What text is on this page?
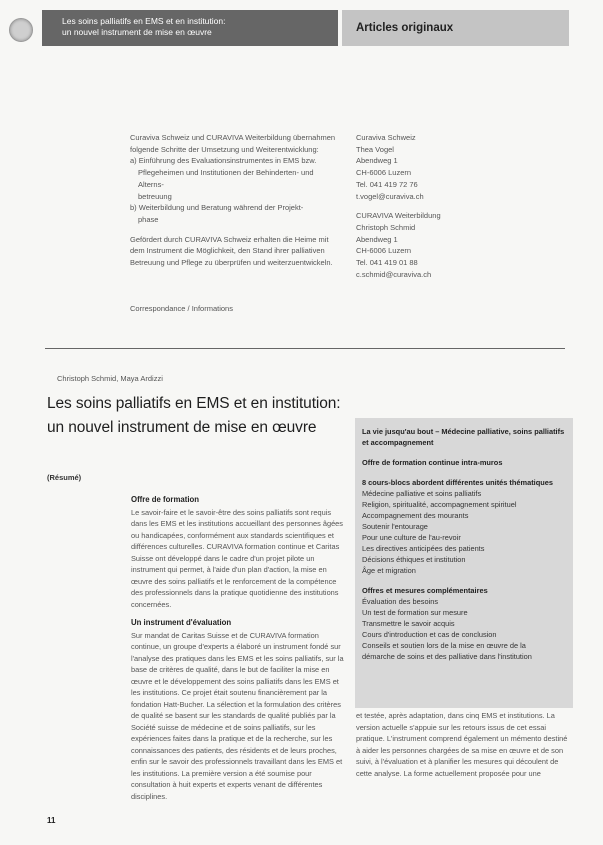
Les soins palliatifs en EMS et en institution:
un nouvel instrument de mise en œuvre	Articles originaux

Curaviva Schweiz und CURAVIVA Weiterbildung übernahmen

folgende Schritte der Umsetzung und Weiterentwicklung:

a) Einführung des Evaluationsinstrumentes in EMS bzw.

Pflegeheimen und Institutionen der Behinderten- und Alterns-

betreuung

b) Weiterbildung und Beratung während der Projekt-

phase

Gefördert durch CURAVIVA Schweiz erhalten die Heime mit

dem Instrument die Möglichkeit, den Stand ihrer palliativen

Betreuung und Pflege zu überprüfen und weiterzuentwickeln.

Curaviva Schweiz

Thea Vogel

Abendweg 1

CH-6006 Luzern

Tel. 041 419 72 76

t.vogel@curaviva.ch

CURAVIVA Weiterbildung

Christoph Schmid

Abendweg 1

CH-6006 Luzern

Tel. 041 419 01 88

c.schmid@curaviva.ch

Correspondance / Informations
Christoph Schmid, Maya Ardizzi
Les soins palliatifs en EMS et en institution: un nouvel instrument de mise en œuvre
(Résumé)
Offre de formation

Le savoir-faire et le savoir-être des soins palliatifs sont requis dans les EMS et les institutions accueillant des personnes âgées ou handicapées, conformément aux standards scientifiques et différences culturelles. CURAVIVA formation continue et Caritas Suisse ont développé dans le cadre d'un projet pilote un instrument qui permet, à l'aide d'un plan d'action, la mise en œuvre des soins palliatifs et le renforcement de la compétence des professionnels dans la pratique quotidienne des institutions concernées.

Un instrument d'évaluation

Sur mandat de Caritas Suisse et de CURAVIVA formation continue, un groupe d'experts a élaboré un instrument fondé sur l'analyse des pratiques dans les EMS et les soins palliatifs, sur la base de critères de qualité, dans le but de faciliter la mise en œuvre et le développement des soins palliatifs dans les EMS et les institutions. Ce projet était soutenu financièrement par la fondation Hatt-Bucher. La sélection et la formulation des critères de qualité se basent sur les standards de qualité publiés par la Société suisse de médecine et de soins palliatifs, sur les expériences faites dans la pratique et de la recherche, sur les connaissances des patients, des résidents et de leurs proches, enfin sur le savoir des professionnels travaillant dans les EMS et les institutions. La première version a été soumise pour consultation à huit experts et experts venant de différentes disciplines.

La vie jusqu'au bout – Médecine palliative, soins palliatifs et accompagnement

Offre de formation continue intra-muros

8 cours-blocs abordent différentes unités thématiques

Médecine palliative et soins palliatifs

Religion, spiritualité, accompagnement spirituel

Accompagnement des mourants

Soutenir l'entourage

Pour une culture de l'au-revoir

Les directives anticipées des patients

Décisions éthiques et institution

Âge et migration

Offres et mesures complémentaires

Évaluation des besoins

Un test de formation sur mesure

Transmettre le savoir acquis

Cours d'introduction et cas de conclusion

Conseils et soutien lors de la mise en œuvre de la

démarche de soins et des palliative dans l'institution

et testée, après adaptation, dans cinq EMS et institutions. La version actuelle s'appuie sur les retours issus de cet essai pratique. L'instrument comprend également un mémento destiné à aider les personnes chargées de sa mise en œuvre et de son suivi, à l'évaluation et à planifier les mesures qui découlent de cette analyse. La forme actuellement proposée pour une

11
